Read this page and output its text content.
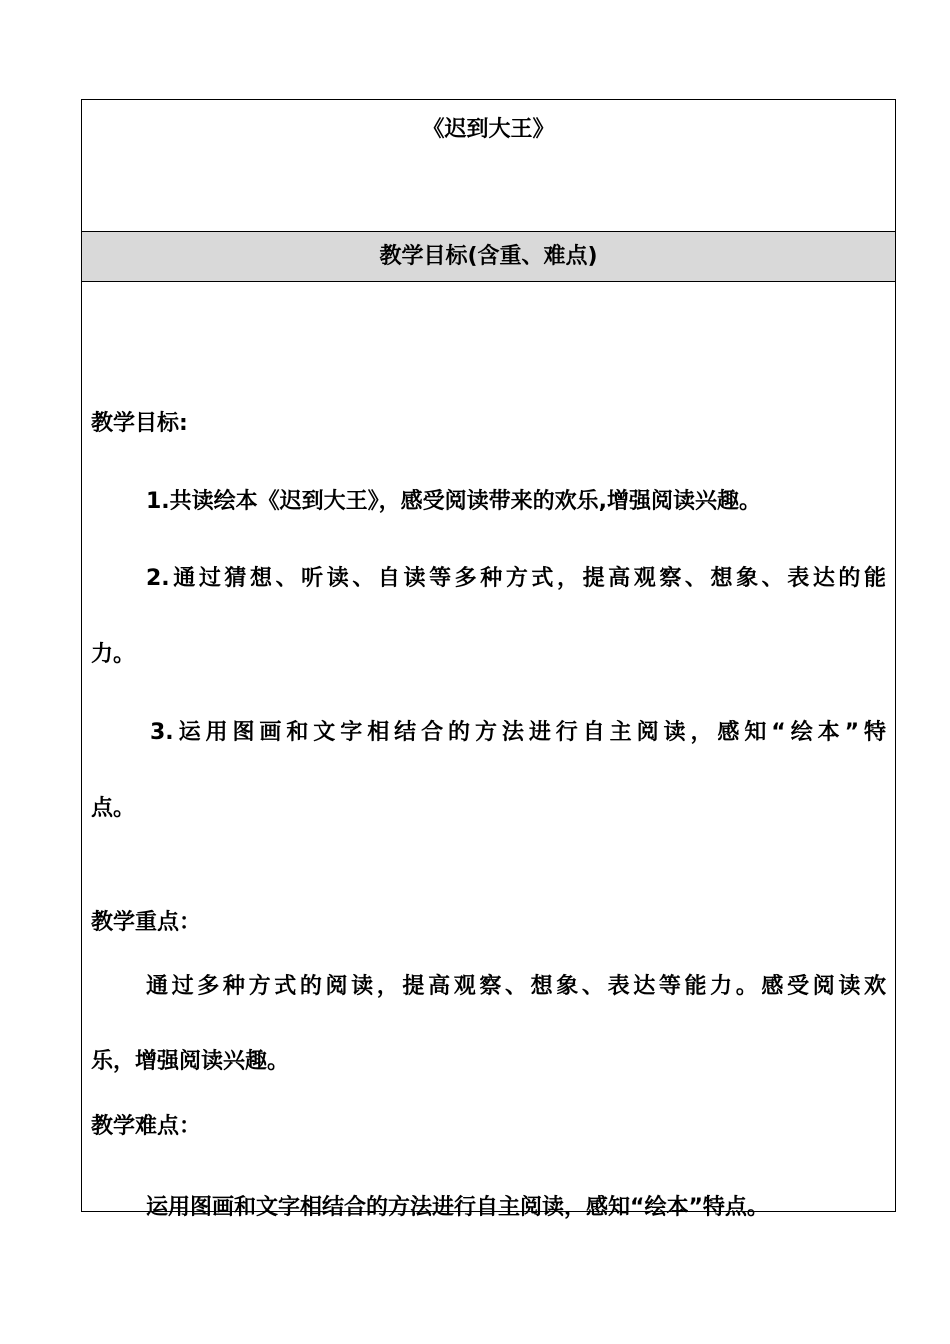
《迟到大王》
教学目标(含重、难点)

教学目标:

1.共读绘本《迟到大王》，感受阅读带来的欢乐,增强阅读兴趣。

2.通过猜想、听读、自读等多种方式，提高观察、想象、表达的能

力。

3.运用图画和文字相结合的方法进行自主阅读，感知“绘本”特

点。

教学重点：

通过多种方式的阅读，提高观察、想象、表达等能力。感受阅读欢

乐，增强阅读兴趣。

教学难点：

运用图画和文字相结合的方法进行自主阅读，感知“绘本”特点。
